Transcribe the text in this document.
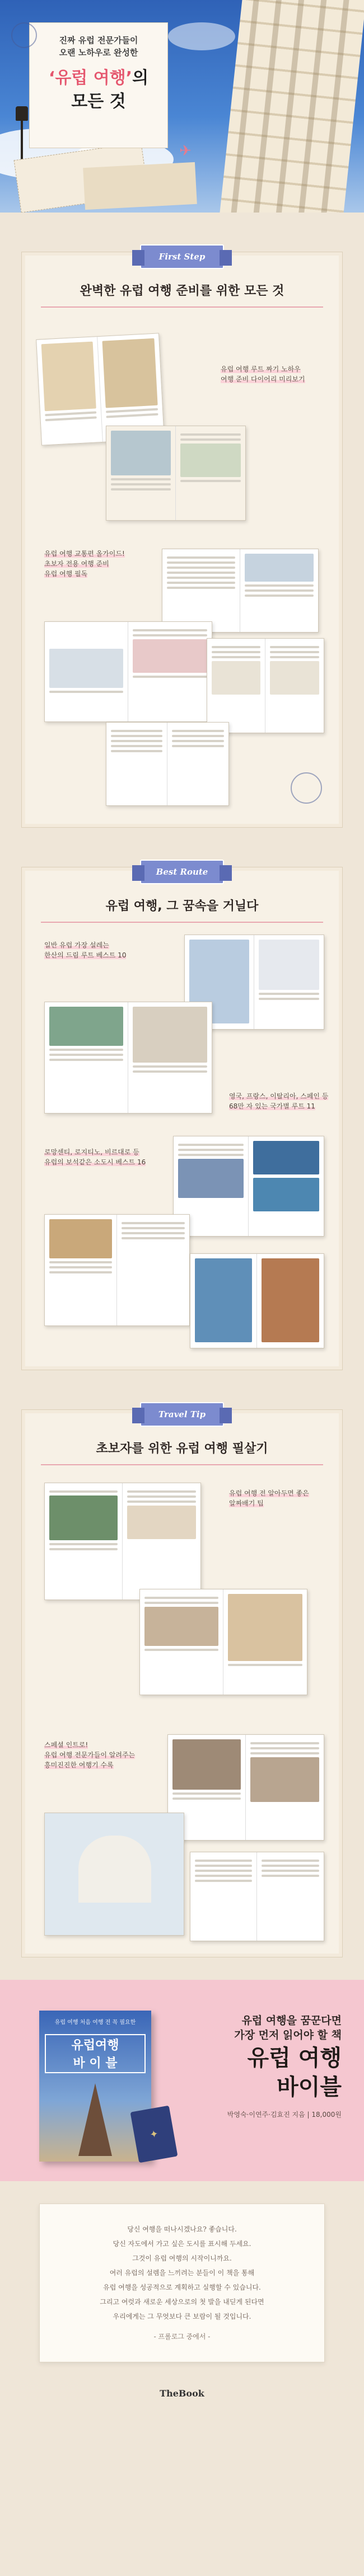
✈
진짜 유럽 전문가들이
오랜 노하우로 완성한
‘유럽 여행’의
모든 것
First Step
완벽한 유럽 여행 준비를 위한 모든 것
유럽 여행 루트 짜기 노하우
여행 준비 다이어리 미리보기
유럽 여행 교통편 올가이드!
초보자 전용 여행 준비
유럽 여행 필독
Best Route
유럽 여행, 그 꿈속을 거닐다
일반 유럽 가장 설레는
한산의 드림 루트 베스트 10
영국, 프랑스, 이탈리아, 스페인 등
68만 자 있는 국가별 루트 11
로망센티, 로지티노, 비르대로 등
유럽의 보석같은 소도시 베스트 16
Travel Tip
초보자를 위한 유럽 여행 필살기
유럽 여행 전 알아두면 좋은
알짜배기 팁
스페셜 인트로!
유럽 여행 전문가들이 알려주는
흥미진진한 여행기 수록
유럽 여행 처음 여행 전 꼭 필요한
유럽여행
바 이 블
✦
유럽 여행을 꿈꾼다면
가장 먼저 읽어야 할 책
유럽 여행
바이블
박영숙·이연주·김효진 지음 | 18,000원
당신 여행을 떠나시겠나요? 좋습니다.
당신 자도에서 가고 싶은 도시를 표시해 두세요.
그것이 유럽 여행의 시작이니까요.
여러 유럽의 설렘을 느끼려는 분들이 이 책을 통해
유럽 여행을 성공적으로 계획하고 실행할 수 있습니다.
그리고 여럿과 새로운 세상으로의 첫 발을 내딛게 된다면
우리에게는 그 무엇보다 큰 보람이 될 것입니다.
- 프롤로그 중에서 -
TheBook
